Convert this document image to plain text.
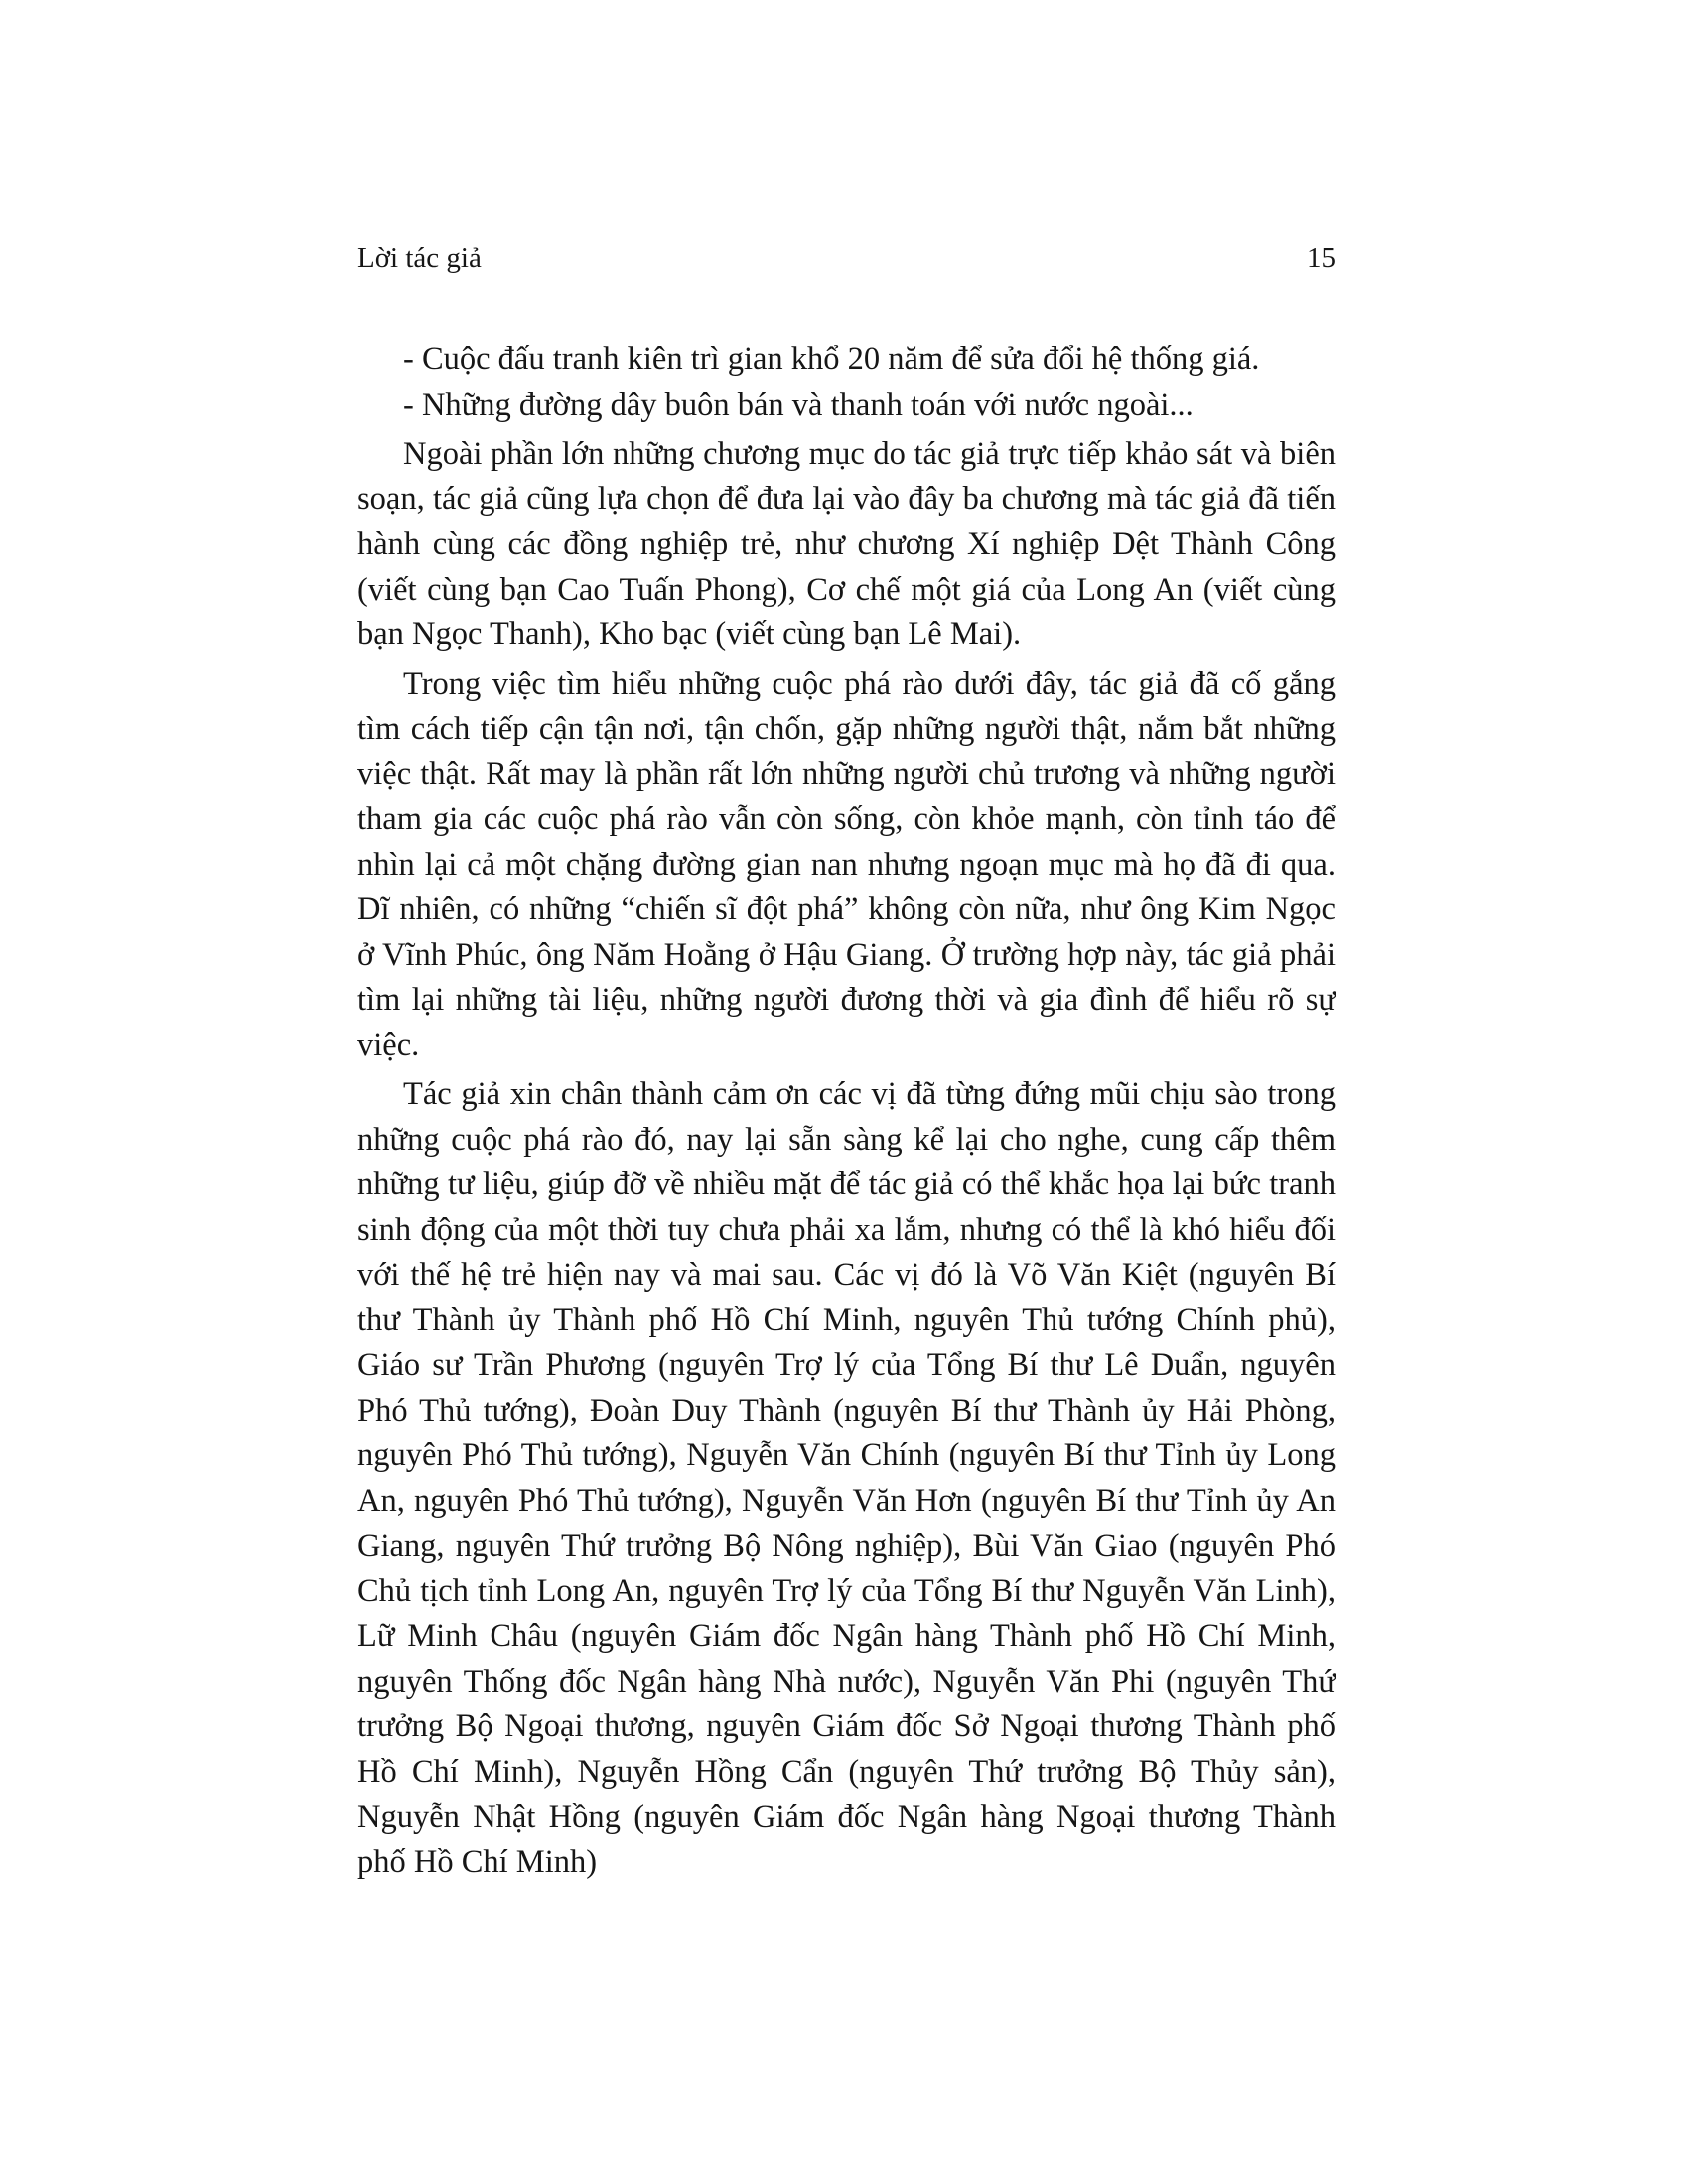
Lời tác giả	15

- Cuộc đấu tranh kiên trì gian khổ 20 năm để sửa đổi hệ thống giá.

- Những đường dây buôn bán và thanh toán với nước ngoài...

Ngoài phần lớn những chương mục do tác giả trực tiếp khảo sát và biên soạn, tác giả cũng lựa chọn để đưa lại vào đây ba chương mà tác giả đã tiến hành cùng các đồng nghiệp trẻ, như chương Xí nghiệp Dệt Thành Công (viết cùng bạn Cao Tuấn Phong), Cơ chế một giá của Long An (viết cùng bạn Ngọc Thanh), Kho bạc (viết cùng bạn Lê Mai).

Trong việc tìm hiểu những cuộc phá rào dưới đây, tác giả đã cố gắng tìm cách tiếp cận tận nơi, tận chốn, gặp những người thật, nắm bắt những việc thật. Rất may là phần rất lớn những người chủ trương và những người tham gia các cuộc phá rào vẫn còn sống, còn khỏe mạnh, còn tỉnh táo để nhìn lại cả một chặng đường gian nan nhưng ngoạn mục mà họ đã đi qua. Dĩ nhiên, có những “chiến sĩ đột phá” không còn nữa, như ông Kim Ngọc ở Vĩnh Phúc, ông Năm Hoằng ở Hậu Giang. Ở trường hợp này, tác giả phải tìm lại những tài liệu, những người đương thời và gia đình để hiểu rõ sự việc.

Tác giả xin chân thành cảm ơn các vị đã từng đứng mũi chịu sào trong những cuộc phá rào đó, nay lại sẵn sàng kể lại cho nghe, cung cấp thêm những tư liệu, giúp đỡ về nhiều mặt để tác giả có thể khắc họa lại bức tranh sinh động của một thời tuy chưa phải xa lắm, nhưng có thể là khó hiểu đối với thế hệ trẻ hiện nay và mai sau. Các vị đó là Võ Văn Kiệt (nguyên Bí thư Thành ủy Thành phố Hồ Chí Minh, nguyên Thủ tướng Chính phủ), Giáo sư Trần Phương (nguyên Trợ lý của Tổng Bí thư Lê Duẩn, nguyên Phó Thủ tướng), Đoàn Duy Thành (nguyên Bí thư Thành ủy Hải Phòng, nguyên Phó Thủ tướng), Nguyễn Văn Chính (nguyên Bí thư Tỉnh ủy Long An, nguyên Phó Thủ tướng), Nguyễn Văn Hơn (nguyên Bí thư Tỉnh ủy An Giang, nguyên Thứ trưởng Bộ Nông nghiệp), Bùi Văn Giao (nguyên Phó Chủ tịch tỉnh Long An, nguyên Trợ lý của Tổng Bí thư Nguyễn Văn Linh), Lữ Minh Châu (nguyên Giám đốc Ngân hàng Thành phố Hồ Chí Minh, nguyên Thống đốc Ngân hàng Nhà nước), Nguyễn Văn Phi (nguyên Thứ trưởng Bộ Ngoại thương, nguyên Giám đốc Sở Ngoại thương Thành phố Hồ Chí Minh), Nguyễn Hồng Cẩn (nguyên Thứ trưởng Bộ Thủy sản), Nguyễn Nhật Hồng (nguyên Giám đốc Ngân hàng Ngoại thương Thành phố Hồ Chí Minh)
